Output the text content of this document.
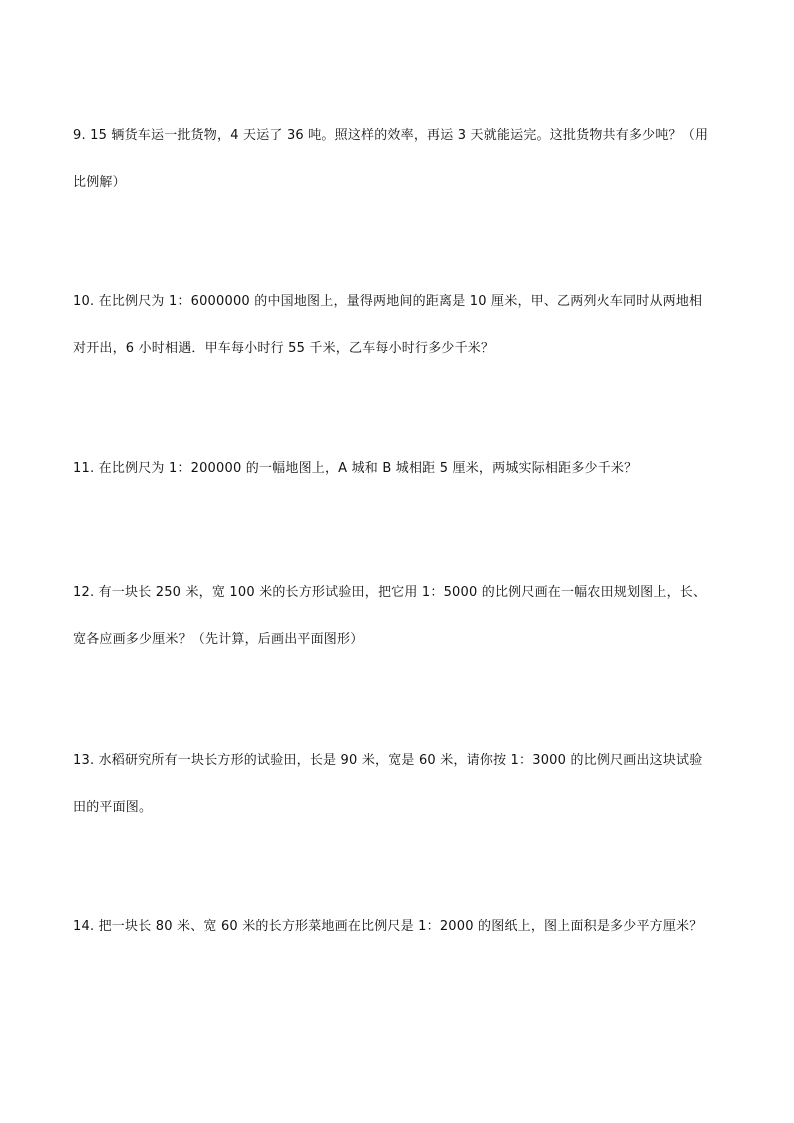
9. 15 辆货车运一批货物，4 天运了 36 吨。照这样的效率，再运 3 天就能运完。这批货物共有多少吨？（用
比例解）
10. 在比例尺为 1：6000000 的中国地图上，量得两地间的距离是 10 厘米，甲、乙两列火车同时从两地相
对开出，6 小时相遇．甲车每小时行 55 千米，乙车每小时行多少千米？
11. 在比例尺为 1：200000 的一幅地图上，A 城和 B 城相距 5 厘米，两城实际相距多少千米？
12. 有一块长 250 米，宽 100 米的长方形试验田，把它用 1：5000 的比例尺画在一幅农田规划图上，长、
宽各应画多少厘米？（先计算，后画出平面图形）
13. 水稻研究所有一块长方形的试验田，长是 90 米，宽是 60 米，请你按 1：3000 的比例尺画出这块试验
田的平面图。
14. 把一块长 80 米、宽 60 米的长方形菜地画在比例尺是 1：2000 的图纸上，图上面积是多少平方厘米？
